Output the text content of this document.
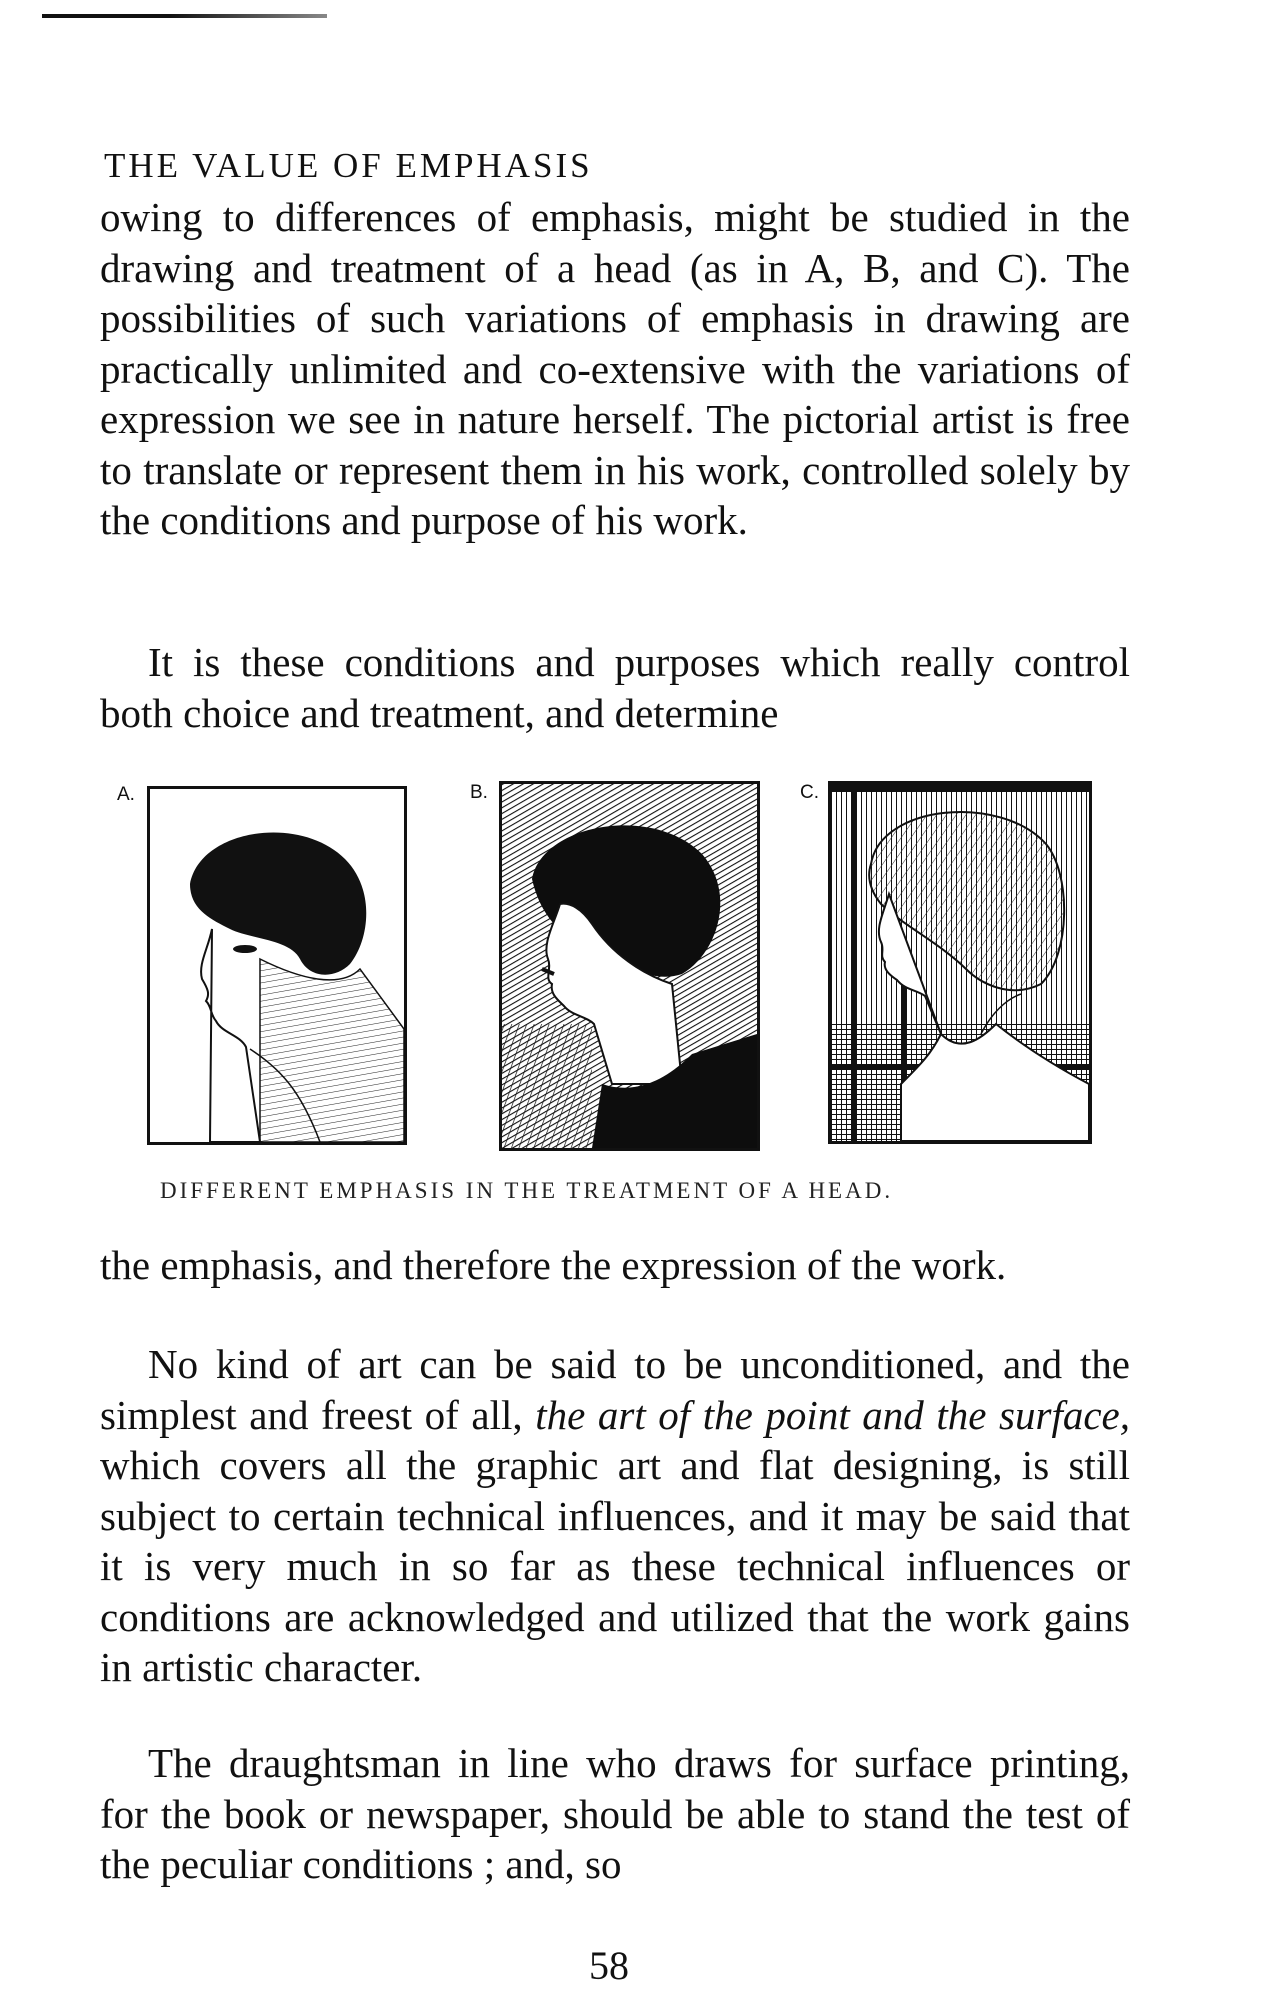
THE VALUE OF EMPHASIS

owing to differences of emphasis, might be studied in the drawing and treatment of a head (as in A, B, and C). The possibilities of such variations of emphasis in drawing are practically unlimited and co-extensive with the variations of expression we see in nature herself. The pictorial artist is free to translate or represent them in his work, controlled solely by the conditions and purpose of his work.

It is these conditions and purposes which really control both choice and treatment, and determine

A.	B.	C.
DIFFERENT EMPHASIS IN THE TREATMENT OF A HEAD.

the emphasis, and therefore the expression of the work.

No kind of art can be said to be unconditioned, and the simplest and freest of all, the art of the point and the surface, which covers all the graphic art and flat designing, is still subject to certain technical influences, and it may be said that it is very much in so far as these technical influences or conditions are acknowledged and utilized that the work gains in artistic character.

The draughtsman in line who draws for surface printing, for the book or newspaper, should be able to stand the test of the peculiar conditions ; and, so

58
